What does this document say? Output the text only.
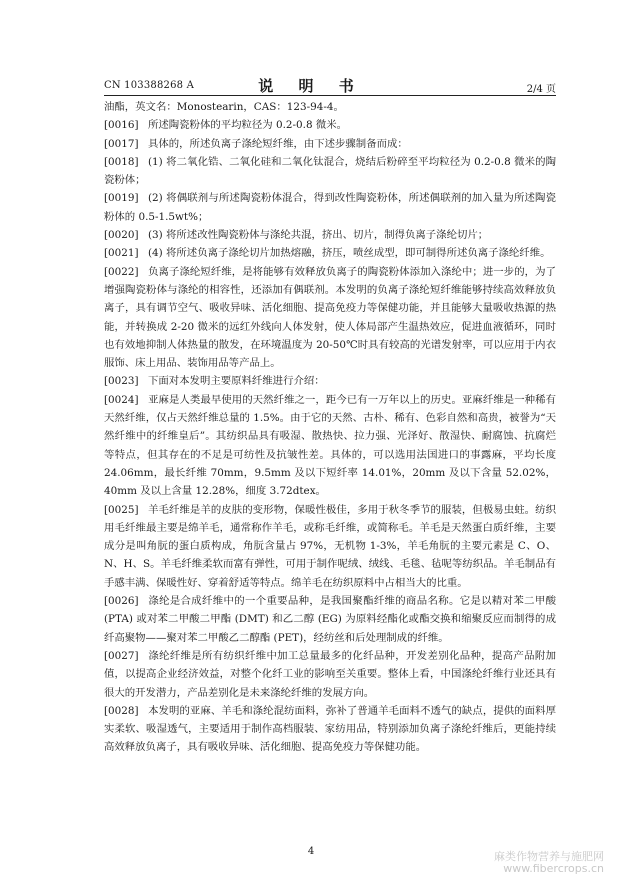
CN 103388268 A	说 明 书	2/4 页

油酯，英文名：Monostearin，CAS：123-94-4。

[0016] 所述陶瓷粉体的平均粒径为 0.2-0.8 微米。

[0017] 具体的，所述负离子涤纶短纤维，由下述步骤制备而成：

[0018] (1) 将二氧化锆、二氧化硅和二氧化钛混合，烧结后粉碎至平均粒径为 0.2-0.8 微米的陶瓷粉体；

[0019] (2) 将偶联剂与所述陶瓷粉体混合，得到改性陶瓷粉体，所述偶联剂的加入量为所述陶瓷粉体的 0.5-1.5wt%；

[0020] (3) 将所述改性陶瓷粉体与涤纶共混，挤出、切片，制得负离子涤纶切片；

[0021] (4) 将所述负离子涤纶切片加热熔融，挤压，喷丝成型，即可制得所述负离子涤纶纤维。

[0022] 负离子涤纶短纤维，是将能够有效释放负离子的陶瓷粉体添加入涤纶中；进一步的，为了增强陶瓷粉体与涤纶的相容性，还添加有偶联剂。本发明的负离子涤纶短纤维能够持续高效释放负离子，具有调节空气、吸收异味、活化细胞、提高免疫力等保健功能，并且能够大量吸收热源的热能，并转换成 2-20 微米的远红外线向人体发射，使人体局部产生温热效应，促进血液循环，同时也有效地抑制人体热量的散发，在环境温度为 20-50℃时具有较高的光谱发射率，可以应用于内衣服饰、床上用品、装饰用品等产品上。

[0023] 下面对本发明主要原料纤维进行介绍：

[0024] 亚麻是人类最早使用的天然纤维之一，距今已有一万年以上的历史。亚麻纤维是一种稀有天然纤维，仅占天然纤维总量的 1.5%。由于它的天然、古朴、稀有、色彩自然和高贵，被誉为“天然纤维中的纤维皇后”。其纺织品具有吸湿、散热快、拉力强、光泽好、散湿快、耐腐蚀、抗腐烂等特点，但其存在的不足是可纺性及抗皱性差。具体的，可以选用法国进口的事露麻，平均长度 24.06mm，最长纤维 70mm，9.5mm 及以下短纤率 14.01%，20mm 及以下含量 52.02%，40mm 及以上含量 12.28%，细度 3.72dtex。

[0025] 羊毛纤维是羊的皮肤的变形物，保暖性极佳，多用于秋冬季节的服装，但极易虫蛀。纺织用毛纤维最主要是绵羊毛，通常称作羊毛，或称毛纤维，或简称毛。羊毛是天然蛋白质纤维，主要成分是叫角朊的蛋白质构成，角朊含量占 97%，无机物 1-3%，羊毛角朊的主要元素是 C、O、N、H、S。羊毛纤维柔软而富有弹性，可用于制作呢绒、绒线、毛毯、毡呢等纺织品。羊毛制品有手感丰满、保暖性好、穿着舒适等特点。绵羊毛在纺织原料中占相当大的比重。

[0026] 涤纶是合成纤维中的一个重要品种，是我国聚酯纤维的商品名称。它是以精对苯二甲酸 (PTA) 或对苯二甲酸二甲酯 (DMT) 和乙二醇 (EG) 为原料经酯化或酯交换和缩聚反应而制得的成纤高聚物——聚对苯二甲酸乙二醇酯 (PET)，经纺丝和后处理制成的纤维。

[0027] 涤纶纤维是所有纺织纤维中加工总量最多的化纤品种，开发差别化品种，提高产品附加值，以提高企业经济效益，对整个化纤工业的影响至关重要。整体上看，中国涤纶纤维行业还具有很大的开发潜力，产品差别化是未来涤纶纤维的发展方向。

[0028] 本发明的亚麻、羊毛和涤纶混纺面料，弥补了普通羊毛面料不透气的缺点，提供的面料厚实柔软、吸湿透气，主要适用于制作高档服装、家纺用品，特别添加负离子涤纶纤维后，更能持续高效释放负离子，具有吸收异味、活化细胞、提高免疫力等保健功能。

4	麻类作物营养与施肥网
www.fibercrops.cn
